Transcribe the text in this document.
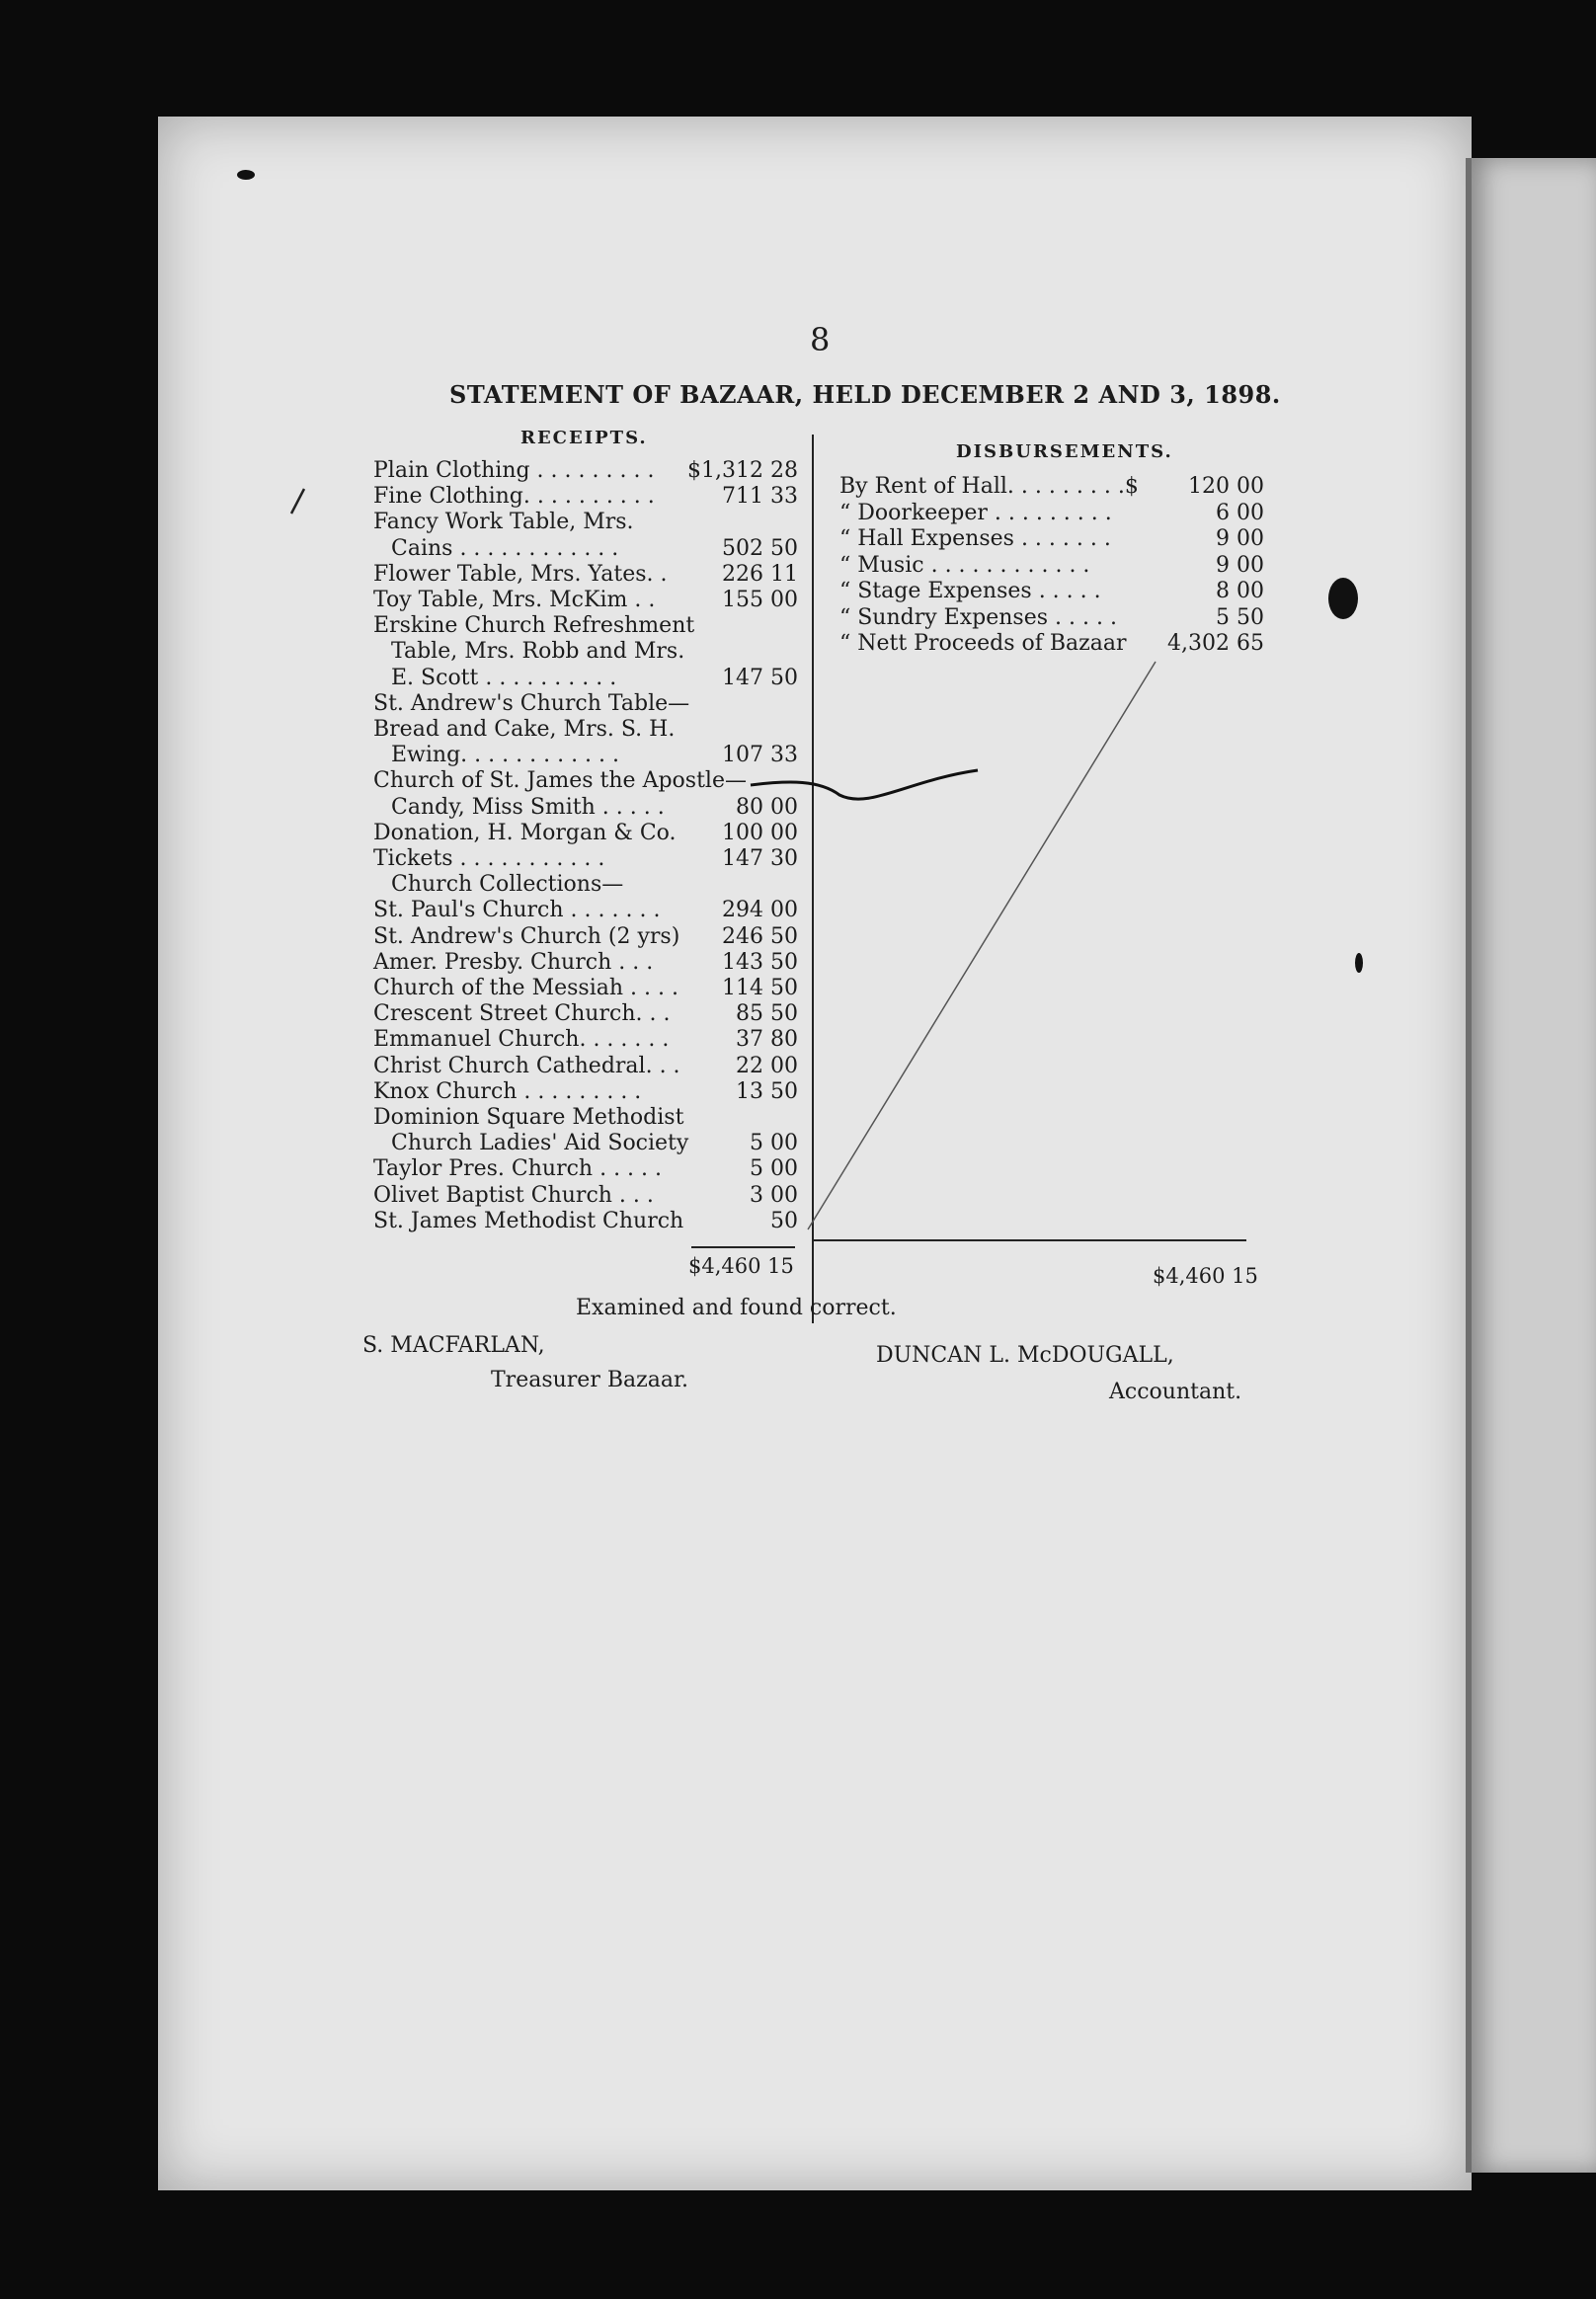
8
STATEMENT OF BAZAAR, HELD DECEMBER 2 AND 3, 1898.
RECEIPTS.
DISBURSEMENTS.
Plain Clothing . . . . . . . . . $1,312 28
Fine Clothing. . . . . . . . . .	711 33
Fancy Work Table, Mrs.
Cains . . . . . . . . . . . .	502 50
Flower Table, Mrs. Yates. .	226 11
Toy Table, Mrs. McKim . .	155 00
Erskine Church Refreshment
Table, Mrs. Robb and Mrs.
E. Scott . . . . . . . . . .	147 50
St. Andrew's Church Table—
Bread and Cake, Mrs. S. H.
Ewing. . . . . . . . . . . .	107 33
Church of St. James the Apostle—
Candy, Miss Smith . . . . .	80 00
Donation, H. Morgan & Co. 100 00
Tickets . . . . . . . . . . .	147 30
Church Collections—
St. Paul's Church . . . . . . .	294 00
St. Andrew's Church (2 yrs) 246 50
Amer. Presby. Church . . .	143 50
Church of the Messiah . . . . 114 50
Crescent Street Church. . .	85 50
Emmanuel Church. . . . . . .	37 80
Christ Church Cathedral. . .	22 00
Knox Church . . . . . . . . .	13 50
Dominion Square Methodist
Church Ladies' Aid Society	5 00
Taylor Pres. Church . . . . .	5 00
Olivet Baptist Church . . .	3 00
St. James Methodist Church	50
By Rent of Hall. . . . . . . . .$ 120 00
“ Doorkeeper . . . . . . . . .	6 00
“ Hall Expenses . . . . . . .	9 00
“ Music . . . . . . . . . . . .	9 00
“ Stage Expenses . . . . .	8 00
“ Sundry Expenses . . . . .	5 50
“ Nett Proceeds of Bazaar 4,302 65
$4,460 15	$4,460 15
Examined and found correct.
S. MACFARLAN,
Treasurer Bazaar.
DUNCAN L. McDOUGALL,
Accountant.
